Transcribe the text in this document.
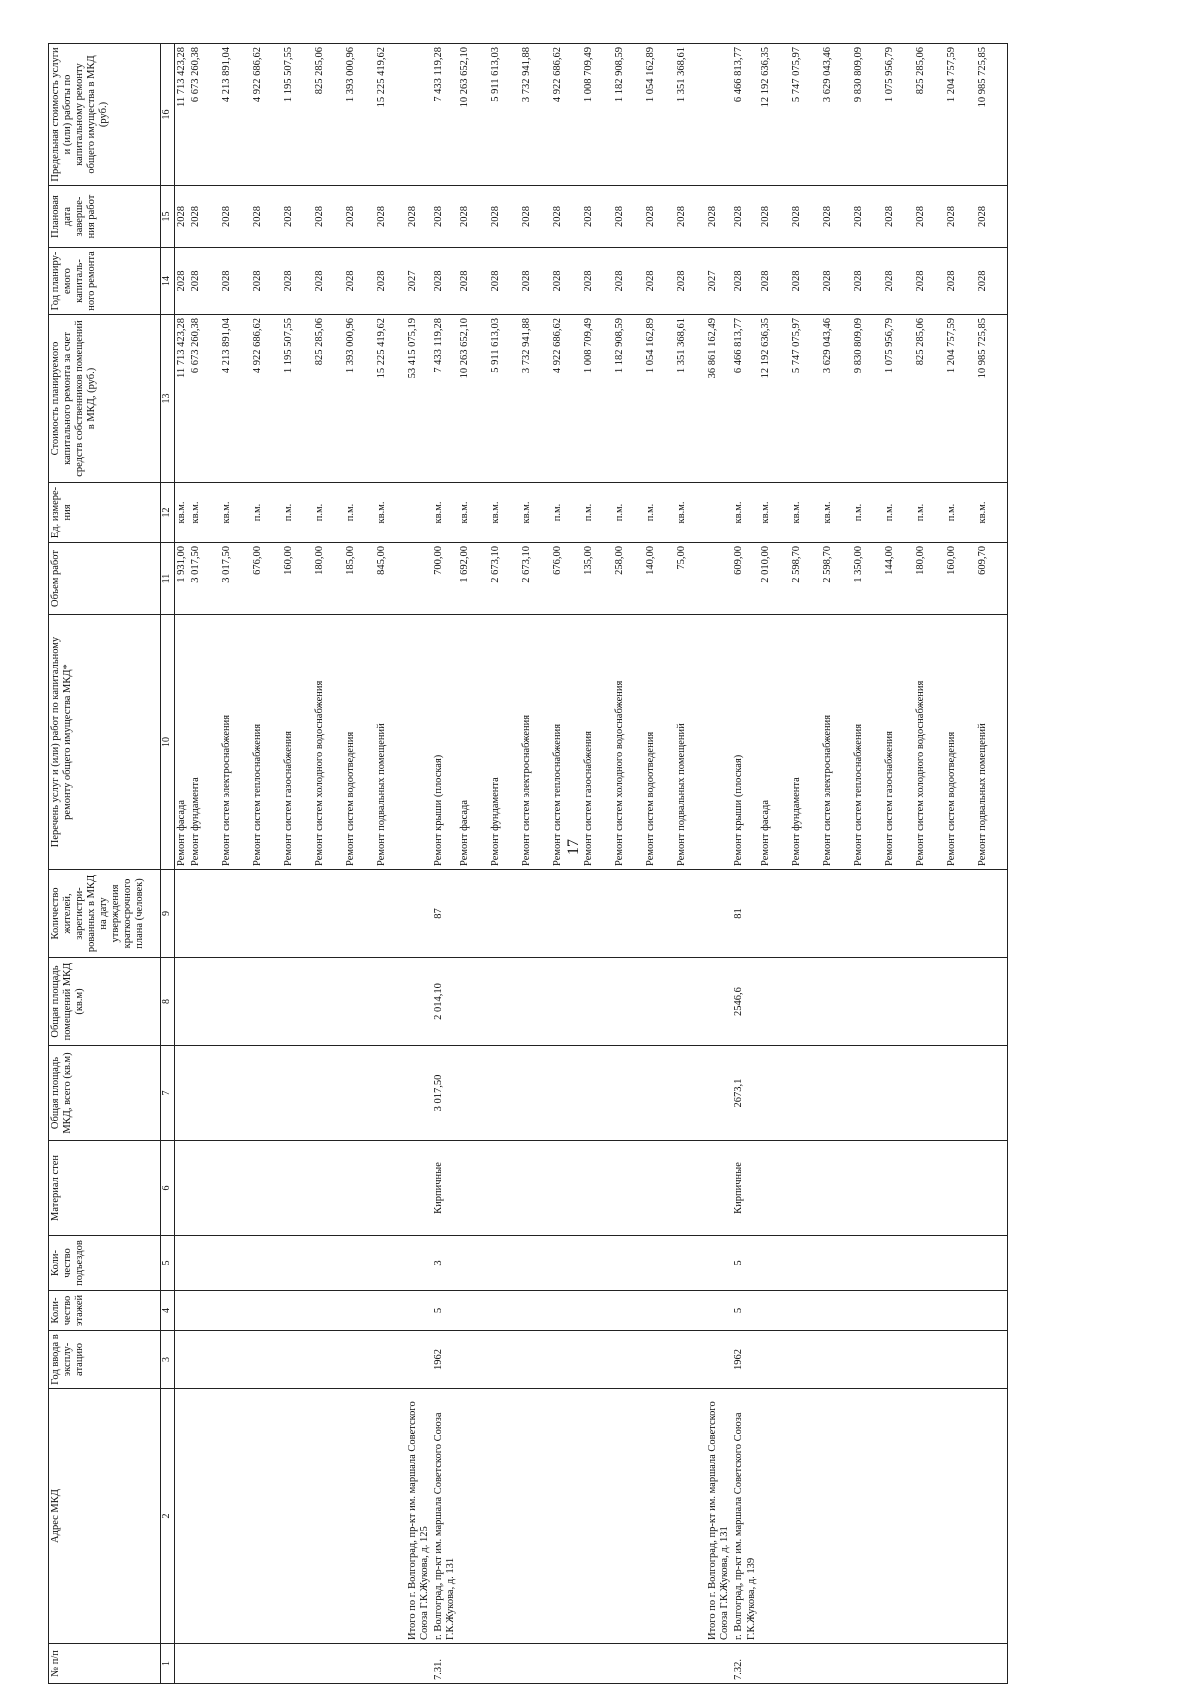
17
№ п/п	Адрес МКД	Год ввода в эксплу-атацию	Коли-чество этажей	Коли-чество подъездов	Материал стен	Общая площадь МКД, всего (кв.м)	Общая площадь помещений МКД (кв.м)	Количество жителей, зарегистри-рованных в МКД на дату утверждения краткосрочного плана (человек)	Перечень услуг и (или) работ по капитальному ремонту общего имущества МКД*	Объем работ	Ед. измере-ния	Стоимость планируемого капитального ремонта за счет средств собственников помещений в МКД, (руб.)	Год планиру-емого капиталь-ного ремонта	Плановая дата заверше-ния работ	Предельная стоимость услуги и (или) работы по капитальному ремонту общего имущества в МКД (руб.)
1	2	3	4	5	6	7	8	9	10	11	12	13	14	15	16
									Ремонт фасада	1 931,00	кв.м.	11 713 423,28	2028	2028	11 713 423,28
									Ремонт фундамента	3 017,50	кв.м.	6 673 260,38	2028	2028	6 673 260,38
									Ремонт систем электроснабжения	3 017,50	кв.м.	4 213 891,04	2028	2028	4 213 891,04
									Ремонт систем теплоснабжения	676,00	п.м.	4 922 686,62	2028	2028	4 922 686,62
									Ремонт систем газоснабжения	160,00	п.м.	1 195 507,55	2028	2028	1 195 507,55
									Ремонт систем холодного водоснабжения	180,00	п.м.	825 285,06	2028	2028	825 285,06
									Ремонт систем водоотведения	185,00	п.м.	1 393 000,96	2028	2028	1 393 000,96
									Ремонт подвальных помещений	845,00	кв.м.	15 225 419,62	2028	2028	15 225 419,62
	Итого по г. Волгоград, пр-кт им. маршала Советского Союза Г.К.Жукова, д. 125											53 415 075,19	2027	2028	
7.31.	г. Волгоград, пр-кт им. маршала Советского Союза Г.К.Жукова, д. 131	1962	5	3	Кирпичные	3 017,50	2 014,10	87	Ремонт крыши (плоская)	700,00	кв.м.	7 433 119,28	2028	2028	7 433 119,28
									Ремонт фасада	1 692,00	кв.м.	10 263 652,10	2028	2028	10 263 652,10
									Ремонт фундамента	2 673,10	кв.м.	5 911 613,03	2028	2028	5 911 613,03
									Ремонт систем электроснабжения	2 673,10	кв.м.	3 732 941,88	2028	2028	3 732 941,88
									Ремонт систем теплоснабжения	676,00	п.м.	4 922 686,62	2028	2028	4 922 686,62
									Ремонт систем газоснабжения	135,00	п.м.	1 008 709,49	2028	2028	1 008 709,49
									Ремонт систем холодного водоснабжения	258,00	п.м.	1 182 908,59	2028	2028	1 182 908,59
									Ремонт систем водоотведения	140,00	п.м.	1 054 162,89	2028	2028	1 054 162,89
									Ремонт подвальных помещений	75,00	кв.м.	1 351 368,61	2028	2028	1 351 368,61
	Итого по г. Волгоград, пр-кт им. маршала Советского Союза Г.К.Жукова, д. 131											36 861 162,49	2027	2028	
7.32.	г. Волгоград, пр-кт им. маршала Советского Союза Г.К.Жукова, д. 139	1962	5	5	Кирпичные	2673,1	2546,6	81	Ремонт крыши (плоская)	609,00	кв.м.	6 466 813,77	2028	2028	6 466 813,77
									Ремонт фасада	2 010,00	кв.м.	12 192 636,35	2028	2028	12 192 636,35
									Ремонт фундамента	2 598,70	кв.м.	5 747 075,97	2028	2028	5 747 075,97
									Ремонт систем электроснабжения	2 598,70	кв.м.	3 629 043,46	2028	2028	3 629 043,46
									Ремонт систем теплоснабжения	1 350,00	п.м.	9 830 809,09	2028	2028	9 830 809,09
									Ремонт систем газоснабжения	144,00	п.м.	1 075 956,79	2028	2028	1 075 956,79
									Ремонт систем холодного водоснабжения	180,00	п.м.	825 285,06	2028	2028	825 285,06
									Ремонт систем водоотведения	160,00	п.м.	1 204 757,59	2028	2028	1 204 757,59
									Ремонт подвальных помещений	609,70	кв.м.	10 985 725,85	2028	2028	10 985 725,85
